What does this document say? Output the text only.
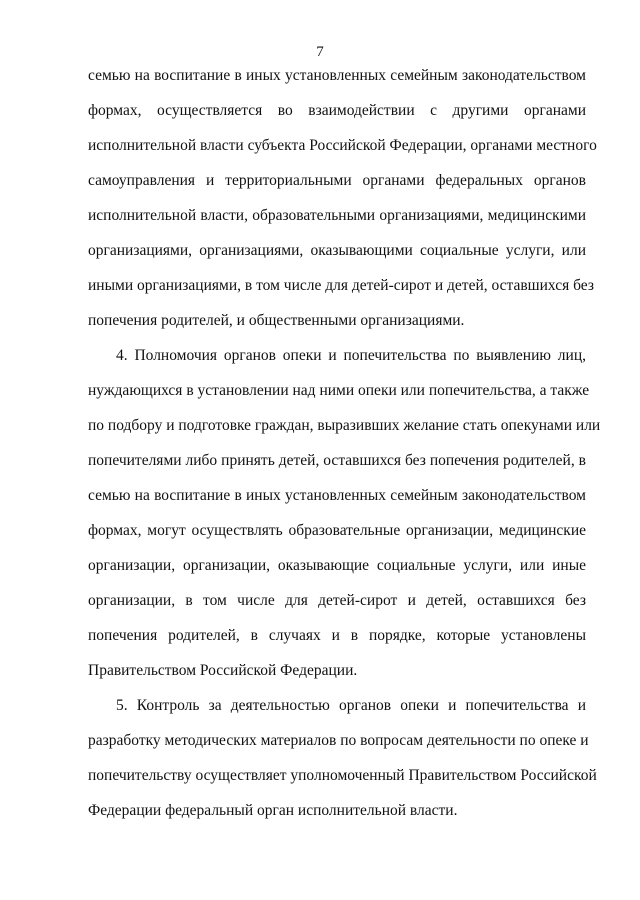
7
семью на воспитание в иных установленных семейным законодательством
формах, осуществляется во взаимодействии с другими органами
исполнительной власти субъекта Российской Федерации, органами местного
самоуправления и территориальными органами федеральных органов
исполнительной власти, образовательными организациями, медицинскими
организациями, организациями, оказывающими социальные услуги, или
иными организациями, в том числе для детей-сирот и детей, оставшихся без
попечения родителей, и общественными организациями.
4. Полномочия органов опеки и попечительства по выявлению лиц,
нуждающихся в установлении над ними опеки или попечительства, а также
по подбору и подготовке граждан, выразивших желание стать опекунами или
попечителями либо принять детей, оставшихся без попечения родителей, в
семью на воспитание в иных установленных семейным законодательством
формах, могут осуществлять образовательные организации, медицинские
организации, организации, оказывающие социальные услуги, или иные
организации, в том числе для детей-сирот и детей, оставшихся без
попечения родителей, в случаях и в порядке, которые установлены
Правительством Российской Федерации.
5. Контроль за деятельностью органов опеки и попечительства и
разработку методических материалов по вопросам деятельности по опеке и
попечительству осуществляет уполномоченный Правительством Российской
Федерации федеральный орган исполнительной власти.
